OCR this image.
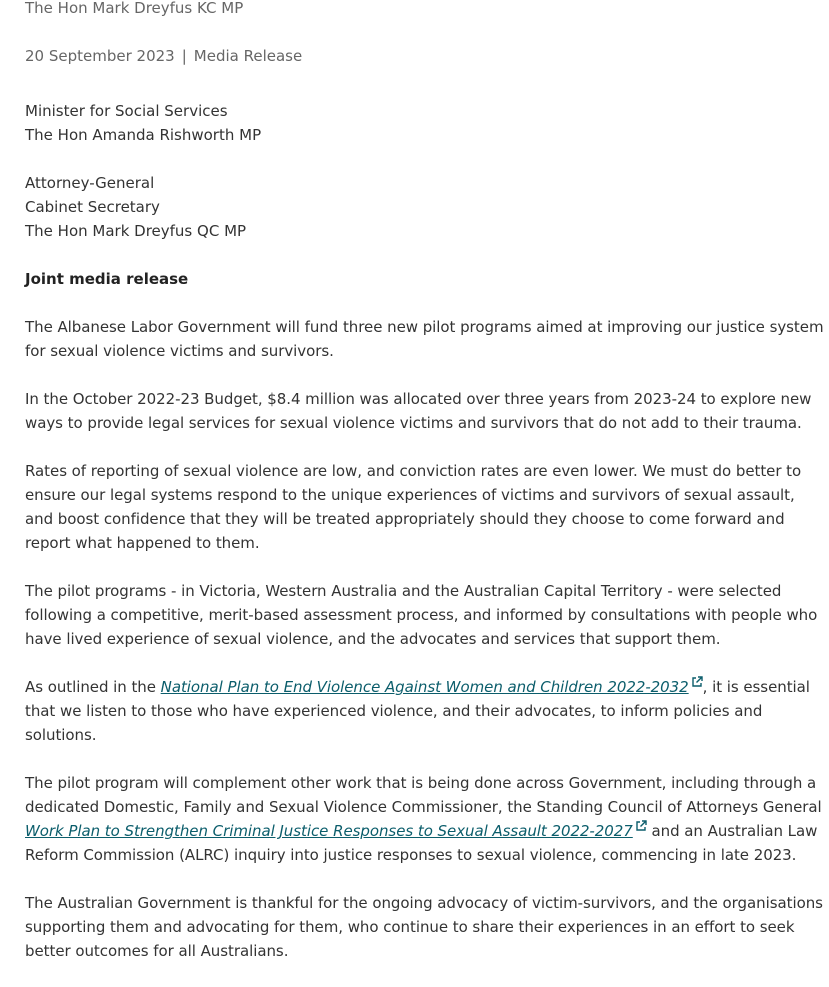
The Hon Mark Dreyfus KC MP
20 September 2023 | Media Release
Minister for Social Services
The Hon Amanda Rishworth MP
Attorney-General
Cabinet Secretary
The Hon Mark Dreyfus QC MP
Joint media release

The Albanese Labor Government will fund three new pilot programs aimed at improving our justice system for sexual violence victims and survivors.

In the October 2022-23 Budget, $8.4 million was allocated over three years from 2023-24 to explore new ways to provide legal services for sexual violence victims and survivors that do not add to their trauma.

Rates of reporting of sexual violence are low, and conviction rates are even lower. We must do better to ensure our legal systems respond to the unique experiences of victims and survivors of sexual assault, and boost confidence that they will be treated appropriately should they choose to come forward and report what happened to them.

The pilot programs - in Victoria, Western Australia and the Australian Capital Territory - were selected following a competitive, merit-based assessment process, and informed by consultations with people who have lived experience of sexual violence, and the advocates and services that support them.

As outlined in the National Plan to End Violence Against Women and Children 2022-2032 , it is essential that we listen to those who have experienced violence, and their advocates, to inform policies and solutions.

The pilot program will complement other work that is being done across Government, including through a dedicated Domestic, Family and Sexual Violence Commissioner, the Standing Council of Attorneys General Work Plan to Strengthen Criminal Justice Responses to Sexual Assault 2022-2027 and an Australian Law Reform Commission (ALRC) inquiry into justice responses to sexual violence, commencing in late 2023.

The Australian Government is thankful for the ongoing advocacy of victim-survivors, and the organisations supporting them and advocating for them, who continue to share their experiences in an effort to seek better outcomes for all Australians.
